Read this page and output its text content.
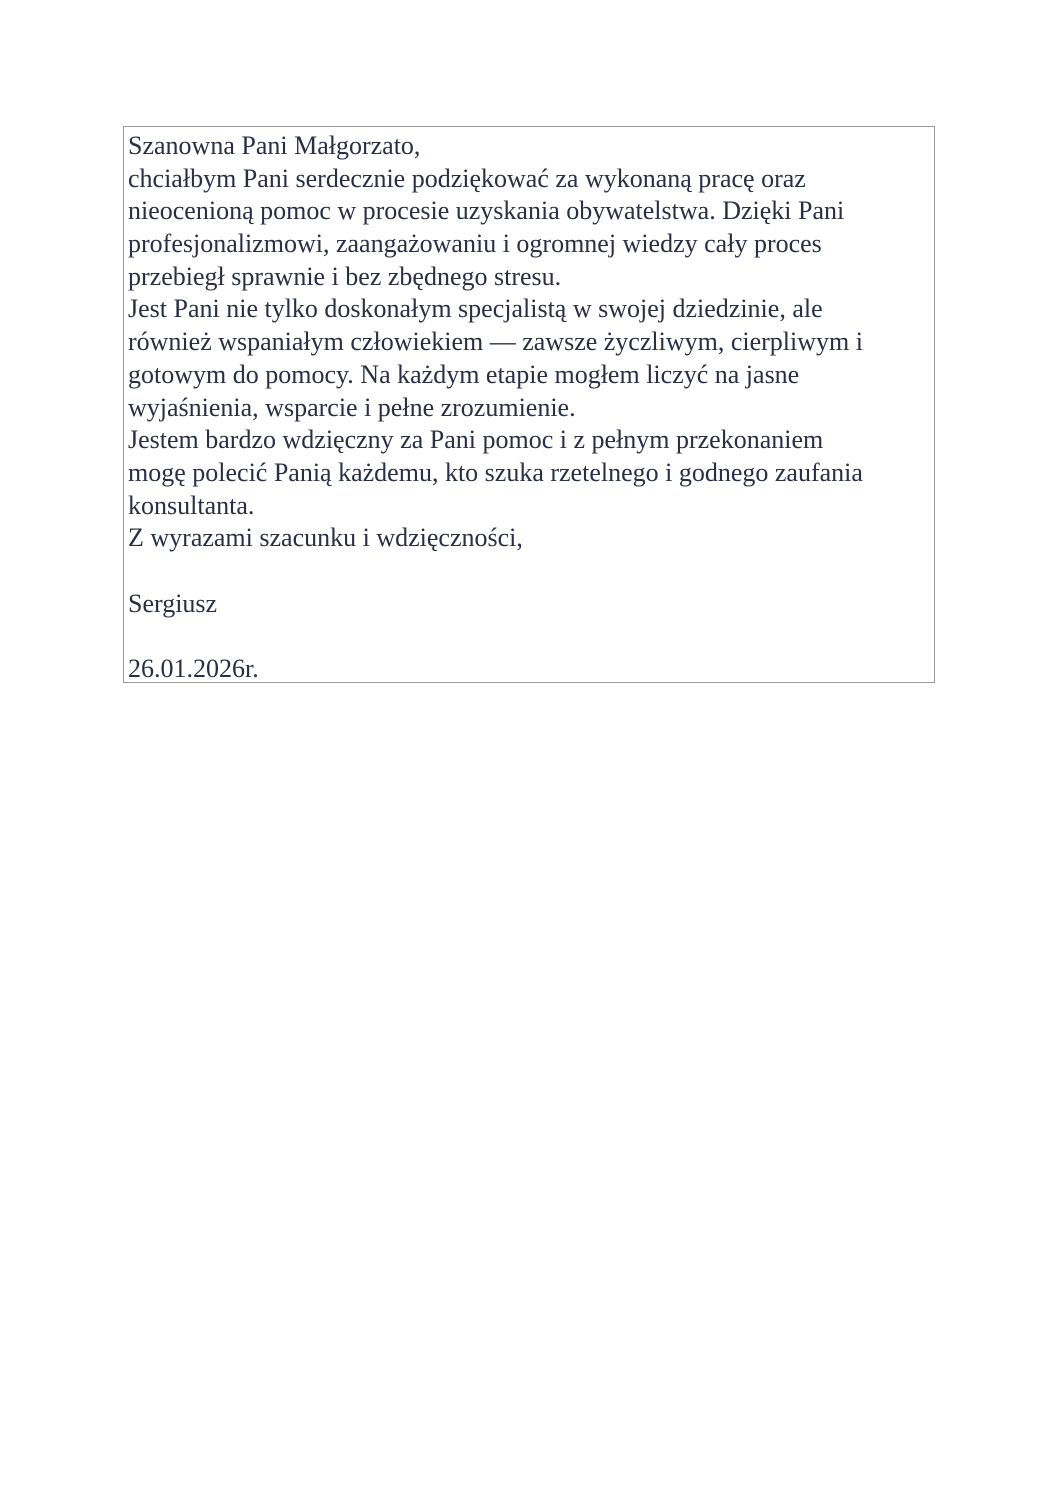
Szanowna Pani Małgorzato,
chciałbym Pani serdecznie podziękować za wykonaną pracę oraz
nieocenioną pomoc w procesie uzyskania obywatelstwa. Dzięki Pani
profesjonalizmowi, zaangażowaniu i ogromnej wiedzy cały proces
przebiegł sprawnie i bez zbędnego stresu.
Jest Pani nie tylko doskonałym specjalistą w swojej dziedzinie, ale
również wspaniałym człowiekiem — zawsze życzliwym, cierpliwym i
gotowym do pomocy. Na każdym etapie mogłem liczyć na jasne
wyjaśnienia, wsparcie i pełne zrozumienie.
Jestem bardzo wdzięczny za Pani pomoc i z pełnym przekonaniem
mogę polecić Panią każdemu, kto szuka rzetelnego i godnego zaufania
konsultanta.
Z wyrazami szacunku i wdzięczności,
Sergiusz
26.01.2026r.
